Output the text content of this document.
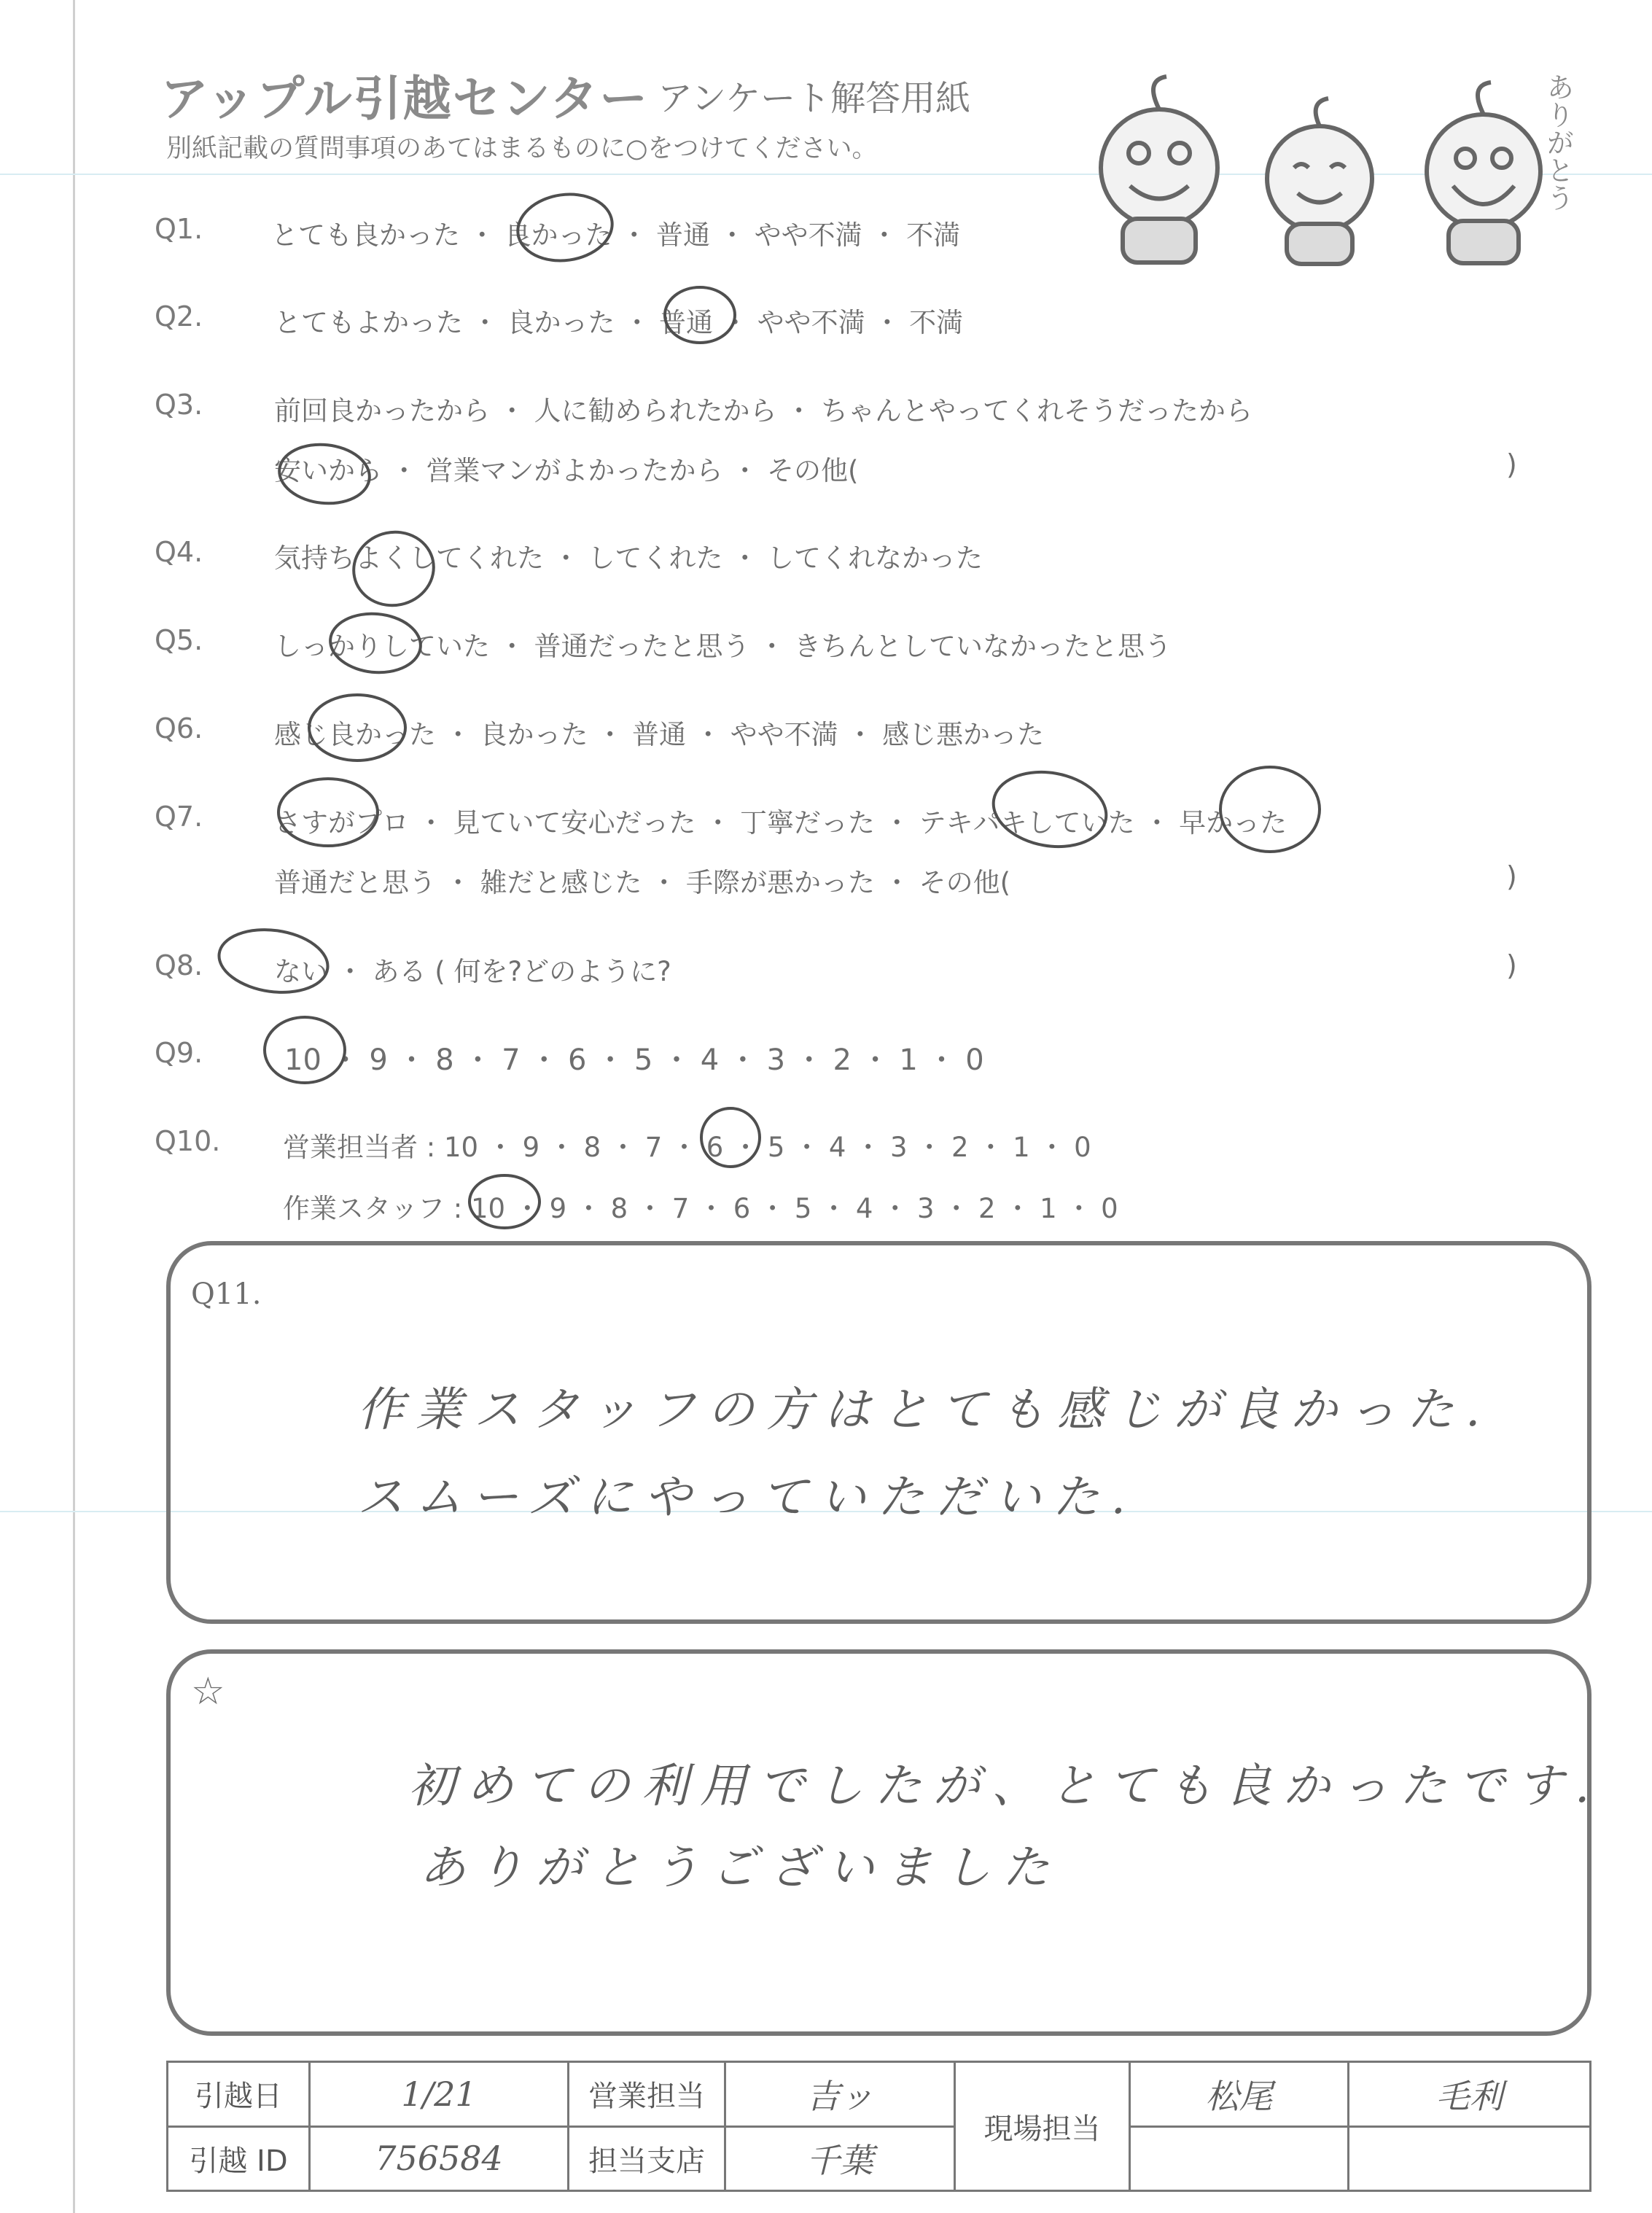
アップル引越センター アンケート解答用紙
別紙記載の質問事項のあてはまるものに○をつけてください。	ありがとう
Q1.	とても良かった ・ 良かった ・ 普通 ・ やや不満 ・ 不満
Q2.	とてもよかった ・ 良かった ・ 普通 ・ やや不満 ・ 不満
Q3.	前回良かったから ・ 人に勧められたから ・ ちゃんとやってくれそうだったから
安いから ・ 営業マンがよかったから ・ その他(	)
Q4.	気持ちよくしてくれた ・ してくれた ・ してくれなかった
Q5.	しっかりしていた ・ 普通だったと思う ・ きちんとしていなかったと思う
Q6.	感じ良かった ・ 良かった ・ 普通 ・ やや不満 ・ 感じ悪かった
Q7.	さすがプロ ・ 見ていて安心だった ・ 丁寧だった ・ テキパキしていた ・ 早かった
普通だと思う ・ 雑だと感じた ・ 手際が悪かった ・ その他(	)
Q8.	ない ・ ある ( 何を?どのように?	)
Q9.	10 ・ 9 ・ 8 ・ 7 ・ 6 ・ 5 ・ 4 ・ 3 ・ 2 ・ 1 ・ 0
Q10. 営業担当者 : 10 ・ 9 ・ 8 ・ 7 ・ 6 ・ 5 ・ 4 ・ 3 ・ 2 ・ 1 ・ 0
作業スタッフ : 10 ・ 9 ・ 8 ・ 7 ・ 6 ・ 5 ・ 4 ・ 3 ・ 2 ・ 1 ・ 0
Q11.
作業スタッフの方はとても感じが良かった.
スムーズにやっていただいた.
☆
初めての利用でしたが、とても良かったです.
ありがとうございました
引越日	1/21	営業担当	吉ッ	現場担当	松尾	毛利
引越 ID	756584	担当支店	千葉			
